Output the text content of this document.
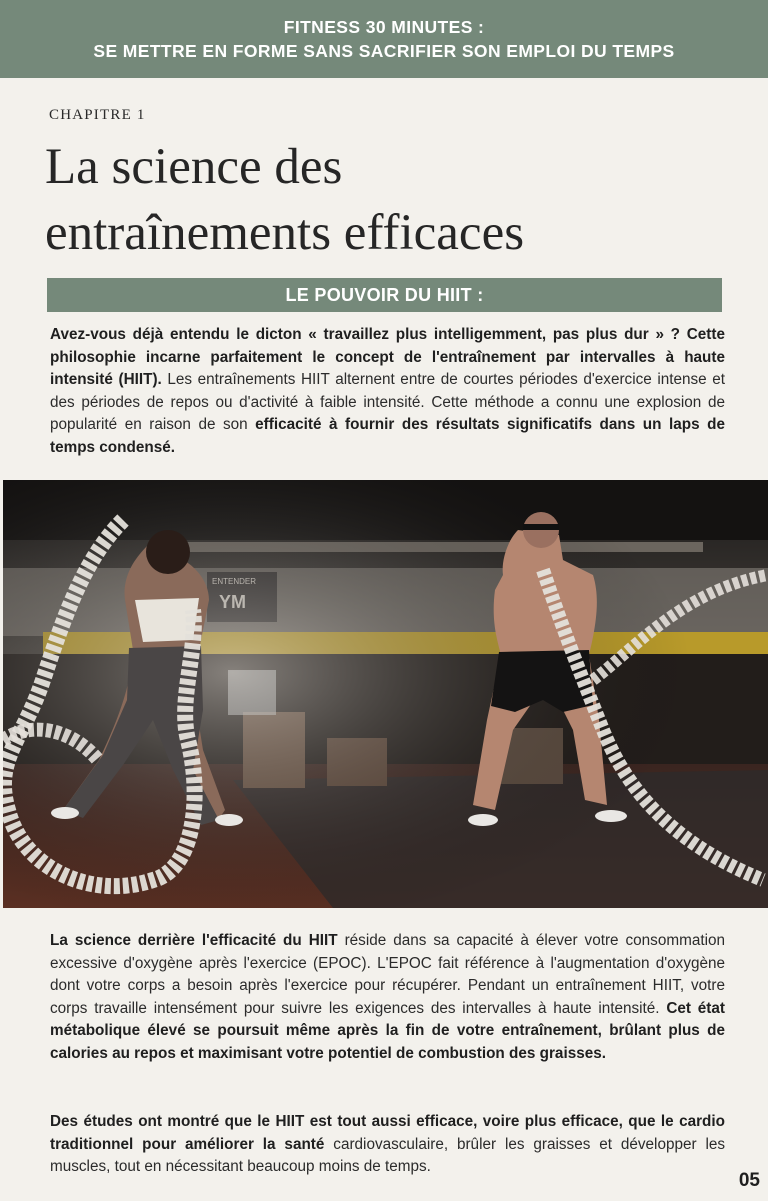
FITNESS 30 MINUTES :
SE METTRE EN FORME SANS SACRIFIER SON EMPLOI DU TEMPS
CHAPITRE 1
La science des
entraînements efficaces
LE POUVOIR DU HIIT :

Avez-vous déjà entendu le dicton « travaillez plus intelligemment, pas plus dur » ? Cette philosophie incarne parfaitement le concept de l'entraînement par intervalles à haute intensité (HIIT). Les entraînements HIIT alternent entre de courtes périodes d'exercice intense et des périodes de repos ou d'activité à faible intensité. Cette méthode a connu une explosion de popularité en raison de son efficacité à fournir des résultats significatifs dans un laps de temps condensé.

La science derrière l'efficacité du HIIT réside dans sa capacité à élever votre consommation excessive d'oxygène après l'exercice (EPOC). L'EPOC fait référence à l'augmentation d'oxygène dont votre corps a besoin après l'exercice pour récupérer. Pendant un entraînement HIIT, votre corps travaille intensément pour suivre les exigences des intervalles à haute intensité. Cet état métabolique élevé se poursuit même après la fin de votre entraînement, brûlant plus de calories au repos et maximisant votre potentiel de combustion des graisses.

Des études ont montré que le HIIT est tout aussi efficace, voire plus efficace, que le cardio traditionnel pour améliorer la santé cardiovasculaire, brûler les graisses et développer les muscles, tout en nécessitant beaucoup moins de temps.

05
